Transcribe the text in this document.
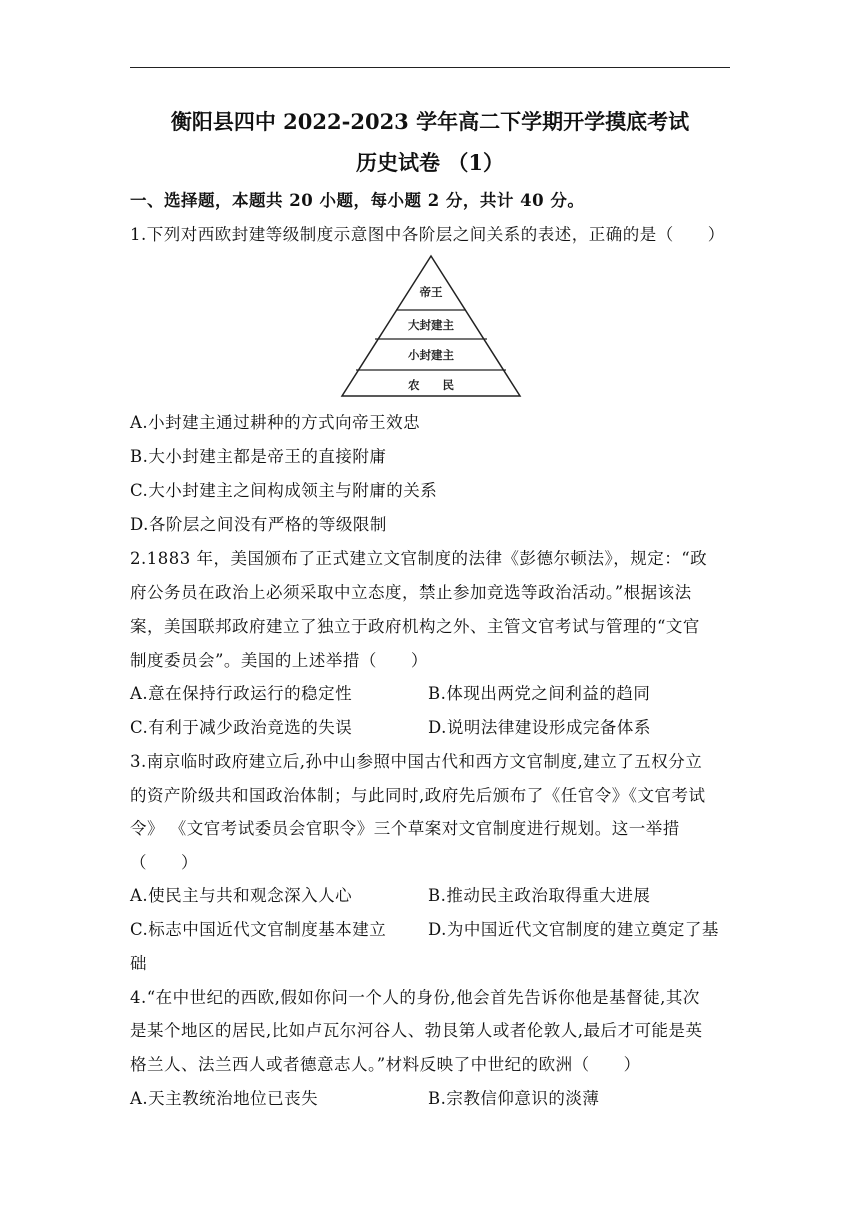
衡阳县四中 2022-2023 学年高二下学期开学摸底考试
历史试卷 （1）
一、选择题，本题共 20 小题，每小题 2 分，共计 40 分。
1.下列对西欧封建等级制度示意图中各阶层之间关系的表述，正确的是（　　）
帝王
大封建主
小封建主
农　　民
A.小封建主通过耕种的方式向帝王效忠
B.大小封建主都是帝王的直接附庸
C.大小封建主之间构成领主与附庸的关系
D.各阶层之间没有严格的等级限制
2.1883 年，美国颁布了正式建立文官制度的法律《彭德尔顿法》，规定：“政
府公务员在政治上必须采取中立态度，禁止参加竞选等政治活动。”根据该法
案，美国联邦政府建立了独立于政府机构之外、主管文官考试与管理的“文官
制度委员会”。美国的上述举措（　　）
A.意在保持行政运行的稳定性	B.体现出两党之间利益的趋同
C.有利于减少政治竞选的失误	D.说明法律建设形成完备体系
3.南京临时政府建立后,孙中山参照中国古代和西方文官制度,建立了五权分立
的资产阶级共和国政治体制；与此同时,政府先后颁布了《任官令》《文官考试
令》 《文官考试委员会官职令》三个草案对文官制度进行规划。这一举措
（　　）
A.使民主与共和观念深入人心	B.推动民主政治取得重大进展
C.标志中国近代文官制度基本建立	D.为中国近代文官制度的建立奠定了基
础
4.“在中世纪的西欧,假如你问一个人的身份,他会首先告诉你他是基督徒,其次
是某个地区的居民,比如卢瓦尔河谷人、勃艮第人或者伦敦人,最后才可能是英
格兰人、法兰西人或者德意志人。”材料反映了中世纪的欧洲（　　）
A.天主教统治地位已丧失	B.宗教信仰意识的淡薄
